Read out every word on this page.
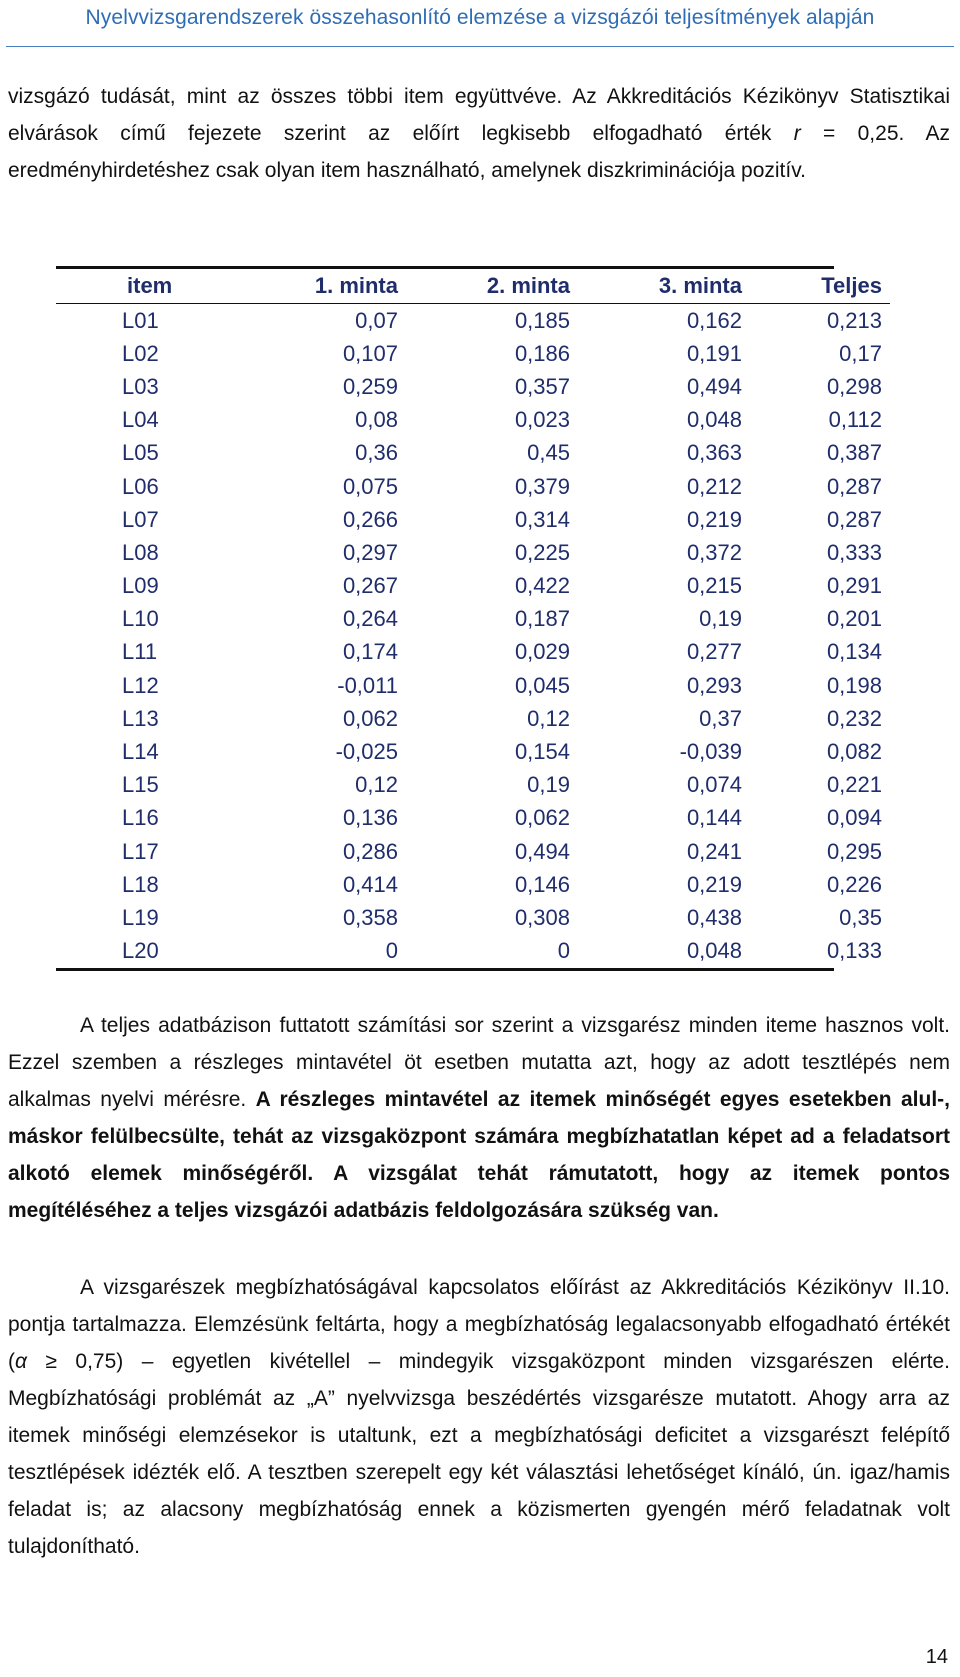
Nyelvvizsgarendszerek összehasonlító elemzése a vizsgázói teljesítmények alapján

vizsgázó tudását, mint az összes többi item együttvéve. Az Akkreditációs Kézikönyv Statisztikai elvárások című fejezete szerint az előírt legkisebb elfogadható érték r = 0,25. Az eredményhirdetéshez csak olyan item használható, amelynek diszkriminációja pozitív.

item	1. minta	2. minta	3. minta	Teljes
L01	0,07	0,185	0,162	0,213
L02	0,107	0,186	0,191	0,17
L03	0,259	0,357	0,494	0,298
L04	0,08	0,023	0,048	0,112
L05	0,36	0,45	0,363	0,387
L06	0,075	0,379	0,212	0,287
L07	0,266	0,314	0,219	0,287
L08	0,297	0,225	0,372	0,333
L09	0,267	0,422	0,215	0,291
L10	0,264	0,187	0,19	0,201
L11	0,174	0,029	0,277	0,134
L12	-0,011	0,045	0,293	0,198
L13	0,062	0,12	0,37	0,232
L14	-0,025	0,154	-0,039	0,082
L15	0,12	0,19	0,074	0,221
L16	0,136	0,062	0,144	0,094
L17	0,286	0,494	0,241	0,295
L18	0,414	0,146	0,219	0,226
L19	0,358	0,308	0,438	0,35
L20	0	0	0,048	0,133

A teljes adatbázison futtatott számítási sor szerint a vizsgarész minden iteme hasznos volt. Ezzel szemben a részleges mintavétel öt esetben mutatta azt, hogy az adott tesztlépés nem alkalmas nyelvi mérésre. A részleges mintavétel az itemek minőségét egyes esetekben alul-, máskor felülbecsülte, tehát az vizsgaközpont számára megbízhatatlan képet ad a feladatsort alkotó elemek minőségéről. A vizsgálat tehát rámutatott, hogy az itemek pontos megítéléséhez a teljes vizsgázói adatbázis feldolgozására szükség van.

A vizsgarészek megbízhatóságával kapcsolatos előírást az Akkreditációs Kézikönyv II.10. pontja tartalmazza. Elemzésünk feltárta, hogy a megbízhatóság legalacsonyabb elfogadható értékét (α ≥ 0,75) – egyetlen kivétellel – mindegyik vizsgaközpont minden vizsgarészen elérte. Megbízhatósági problémát az „A” nyelvvizsga beszédértés vizsgarésze mutatott. Ahogy arra az itemek minőségi elemzésekor is utaltunk, ezt a megbízhatósági deficitet a vizsgarészt felépítő tesztlépések idézték elő. A tesztben szerepelt egy két választási lehetőséget kínáló, ún. igaz/hamis feladat is; az alacsony megbízhatóság ennek a közismerten gyengén mérő feladatnak volt tulajdonítható.

14
